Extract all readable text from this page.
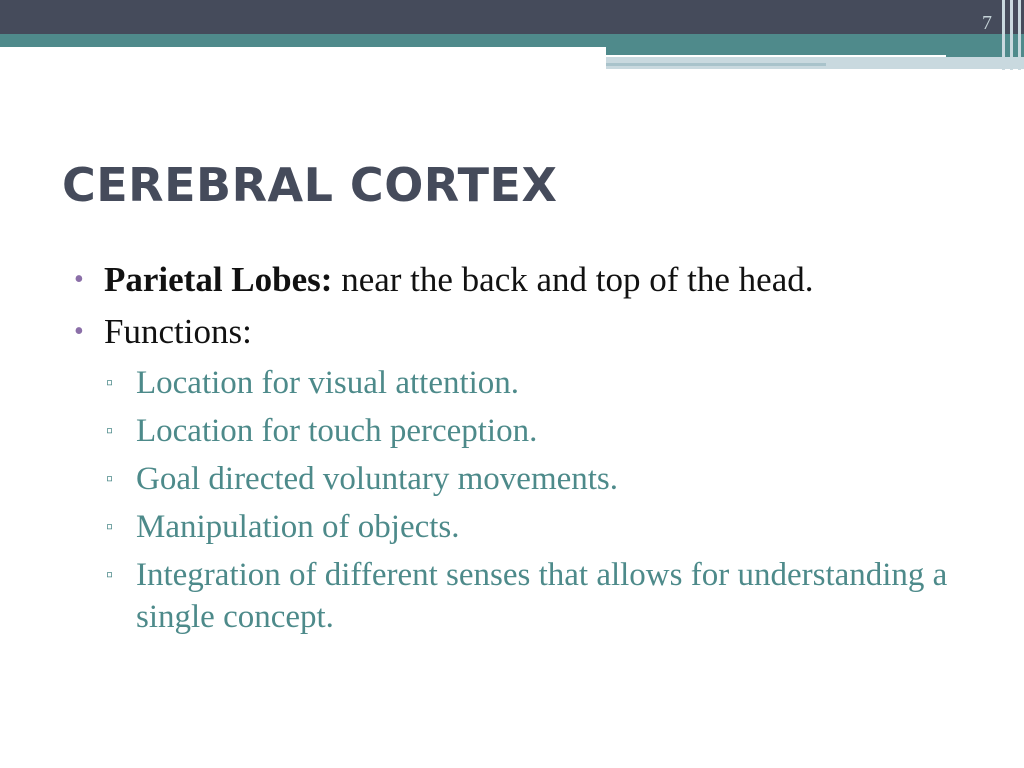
7
CEREBRAL CORTEX
• Parietal Lobes: near the back and top of the head.
• Functions:
▫ Location for visual attention.
▫ Location for touch perception.
▫ Goal directed voluntary movements.
▫ Manipulation of objects.
▫ Integration of different senses that allows for understanding a single concept.
